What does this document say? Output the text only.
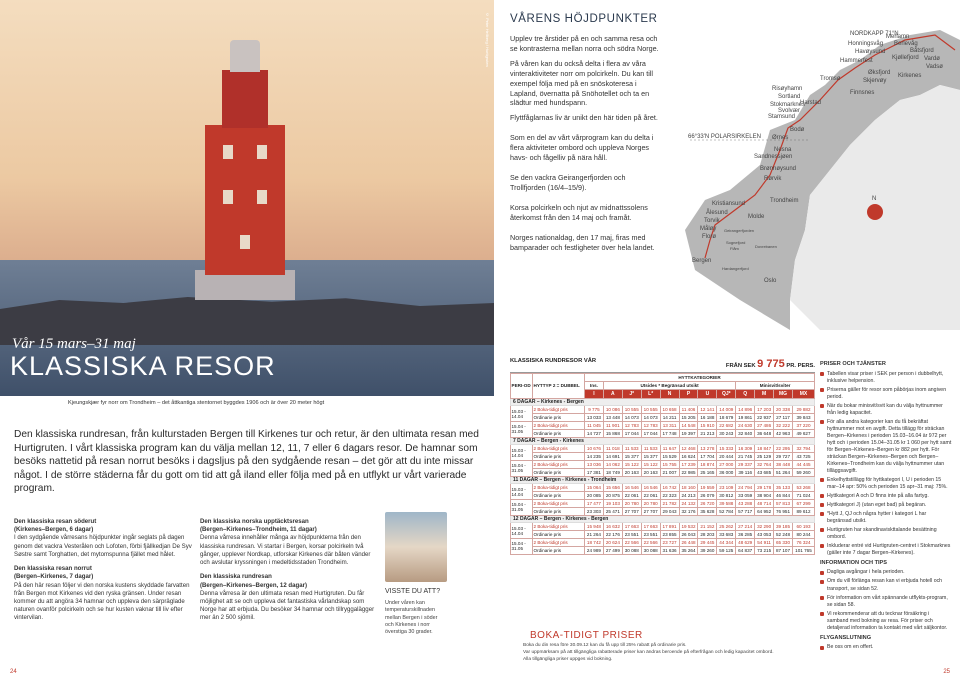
© Peter Hellberg / Hurtigruten
Vår 15 mars–31 maj
KLASSISKA RESOR
Kjeungskjær fyr norr om Trondheim – det åttkantiga stentornet byggdes 1906 och är över 20 meter högt
VÅRENS HÖJDPUNKTER

Upplev tre årstider på en och samma resa och se kontrasterna mellan norra och södra Norge.

På våren kan du också delta i flera av våra vinteraktiviteter norr om polcirkeln. Du kan till exempel följa med på en snöskoteresa i Lapland, övernatta på Snöhotellet och ta en slädtur med hundspann.

Flyttfåglarnas liv är unikt den här tiden på året.

Som en del av vårt vårprogram kan du delta i flera aktiviteter ombord och uppleva Norges havs- och fågelliv på nära håll.

Se den vackra Geirangerfjorden och Trollfjorden (16/4–15/9).

Korsa polcirkeln och njut av midnattssolens återkomst från den 14 maj och framåt.

Norges nationaldag, den 17 maj, firas med bamparader och festligheter över hela landet.

66°33'N POLARSIRKELEN
NORDKAPP 71°N
N
Honningsvåg
Havøysund
Hammerfest
Mehamn
Berlevåg
Båtsfjord
Vardø
Vadsø
Kirkenes
Kjøllefjord
Øksfjord
Skjervøy
Tromsø
Finnsnes
Risøyhamn
Sortland
Stokmarknes
Svolvær
Stamsund
Harstad
Bodø
Ørnes
Nesna
Sandnessjøen
Brønnøysund
Rørvik
Trondheim
Kristiansund
Molde
Ålesund
Torvik
Måløy
Florø
Geirangerfjorden
Sognefjord
Flåm
Bergen
Hardangerfjord
Dovrebanen
Oslo
Den klassiska rundresan, från kulturstaden Bergen till Kirkenes tur och retur, är den ultimata resan med Hurtigruten. I vårt klassiska program kan du välja mellan 12, 11, 7 eller 6 dagars resor. De hamnar som besöks nattetid på resan norrut besöks i dagsljus på den sydgående resan – det gör att du inte missar något. I de större städerna får du gott om tid att gå iland eller följa med på en utflykt ur vårt varierade program.
Den klassiska resan söderut
(Kirkenes–Bergen, 6 dagar)
I den sydgående vårresans höjdpunkter ingår seglats på dagen genom det vackra Vesterålen och Lofoten, förbi fjällkedjan De Syv Søstre samt Torghatten, det mytomspunna fjället med hålet.
Den klassiska resan norrut
(Bergen–Kirkenes, 7 dagar)
På den här resan följer vi den norska kustens skyddade farvatten från Bergen mot Kirkenes vid den ryska gränsen. Under resan kommer du att angöra 34 hamnar och uppleva den särpräglade naturen ovanför polcirkeln och se hur kusten vaknar till liv efter vintervilan.
Den klassiska norska upptäcktsresan
(Bergen–Kirkenes–Trondheim, 11 dagar)
Denna vårresa innehåller många av höjdpunkterna från den klassiska rundresan. Vi startar i Bergen, korsar polcirkeln två gånger, upplever Nordkap, utforskar Kirkenes där båten vänder och avslutar kryssningen i medeltidsstaden Trondheim.
Den klassiska rundresan
(Bergen–Kirkenes–Bergen, 12 dagar)
Denna vårresa är den ultimata resan med Hurtigruten. Du får möjlighet att se och uppleva det fantastiska vårlandskap som Norge har att erbjuda. Du besöker 34 hamnar och tillryggalägger mer än 2 500 sjömil.
VISSTE DU ATT?
Under våren kan temperaturskillnaden mellan Bergen i söder och Kirkenes i norr överstiga 30 grader.
KLASSISKA RUNDRESOR VÅR
FRÅN SEK 9 775 PR. PERS.
PERI-OD	HYTTYP 2 = DUBBEL	HYTTKATEGORIER											
		Ins.	Utsides * Begränsad utsikt							Minisvit/sviter			
		I	A	J*	L*	N	P	U	QJ*	Q	M	MG	MX
6 DAGAR – Kirkenes - Bergen													
15.03 - 14.04	2 Boka-tidigt pris	9 775	10 086	10 555	10 555	10 658	11 406	12 141	14 009	14 896	17 203	20 338	29 882
	Ordinarie pris	13 033	13 448	14 073	14 073	14 211	15 205	16 188	18 679	19 861	22 937	27 117	39 843
15.04 - 31.05	2 Boka-tidigt pris	11 045	11 901	12 783	12 783	13 311	14 548	15 910	22 682	24 630	27 486	32 222	37 220
	Ordinarie pris	14 727	15 868	17 044	17 044	17 748	19 397	21 213	30 243	32 840	36 648	42 963	49 627
7 DAGAR – Bergen - Kirkenes													
15.03 - 14.04	2 Boka-tidigt pris	10 676	11 018	11 533	11 533	11 647	12 468	13 278	15 333	16 309	18 847	22 295	32 794
	Ordinarie pris	14 235	14 691	15 377	15 377	15 529	16 624	17 704	20 444	21 745	25 129	29 727	43 725
15.04 - 31.05	2 Boka-tidigt pris	13 036	14 062	15 122	15 122	15 755	17 239	18 874	27 000	29 337	32 764	38 448	44 445
	Ordinarie pris	17 381	18 749	20 163	20 163	21 007	22 985	25 165	36 000	39 116	43 685	51 264	59 260
11 DAGAR – Bergen - Kirkenes - Trondheim													
15.03 - 14.04	2 Boka-tidigt pris	15 064	15 656	16 546	16 546	16 742	18 160	19 559	23 109	24 794	29 178	35 133	53 268
	Ordinarie pris	20 085	20 875	22 061	22 061	22 323	24 213	26 079	30 812	33 059	38 904	46 844	71 024
15.04 - 31.05	2 Boka-tidigt pris	17 477	19 103	20 780	20 780	21 782	24 132	26 720	39 588	43 288	48 714	57 813	67 299
	Ordinarie pris	23 303	25 471	27 707	27 707	29 043	32 176	35 628	52 784	57 717	64 952	76 951	89 612
12 DAGAR – Bergen - Kirkenes - Bergen													
15.03 - 14.04	2 Boka-tidigt pris	15 948	16 632	17 663	17 663	17 891	19 532	21 152	25 262	27 214	32 290	39 185	60 193
	Ordinarie pris	21 264	22 176	23 551	23 551	23 855	26 043	28 203	33 683	36 285	43 053	52 248	80 244
15.04 - 31.05	2 Boka-tidigt pris	18 742	20 624	22 566	22 566	23 727	26 448	29 445	44 344	48 629	54 911	65 330	76 324
	Ordinarie pris	24 989	27 499	30 088	30 088	31 636	35 264	39 260	59 125	64 837	73 215	87 107	101 765
BOKA-TIDIGT PRISER
Boka du din resa före 30.09.12 kan du få upp till 25% rabatt på ordinarie pris.
Var uppmärksam på att tillgängliga rabatterade priser kan ändras beroende på efterfrågan och ledig kapacitet ombord.
Alla tillgängliga priser uppges vid bokning.
PRISER OCH TJÄNSTER
Tabellen visar priser i SEK per person i dubbelhytt, inklusive helpension.
Priserna gäller för resor som påbörjas inom angiven period.
När du bokar minisvit/svit kan du välja hyttnummer från ledig kapacitet.
För alla andra kategorier kan du få bekräftat hyttnummer mot en avgift. Detta tillägg för sträckan Bergen–Kirkenes i perioden 15.03–16.04 är 972 per hytt och i perioden 15.04–31.05 kr 1 060 per hytt samt för Bergen–Kirkenes–Bergen kr 882 per hytt. För sträckan Bergen–Kirkenes–Bergen och Bergen–Kirkenes–Trondheim kan du välja hyttnummer utan tilläggsavgift.
Enkelhyttstillägg för hyttkategori I, U i perioden 15 mar–14 apr: 50% och perioden 15 apr–31 maj: 75%.
Hyttkategori A och D finns inte på alla fartyg.
Hyttkategori J) (utan eget bad) på begäran.
*Hytt J, QJ och några hytter i kategori L har begränsad utsikt.
Hurtigruten har skandinaviskttalande besättning ombord.
Inkluderar entré vid Hurtigruten-centret i Stokmarknes (gäller inte 7 dagar Bergen–Kirkenes).
INFORMATION OCH TIPS
Dagliga avgångar i hela perioden.
Om du vill förlänga resan kan vi erbjuda hotell och transport, se sidan 52.
För information om vårt spännande utflykts-program, se sidan 58.
Vi rekommenderar att du tecknar försäkring i samband med bokning av resa. För priser och detaljerad information ta kontakt med vårt säljkontor.
FLYGANSLUTNING
Be oss om en offert.
24	25
